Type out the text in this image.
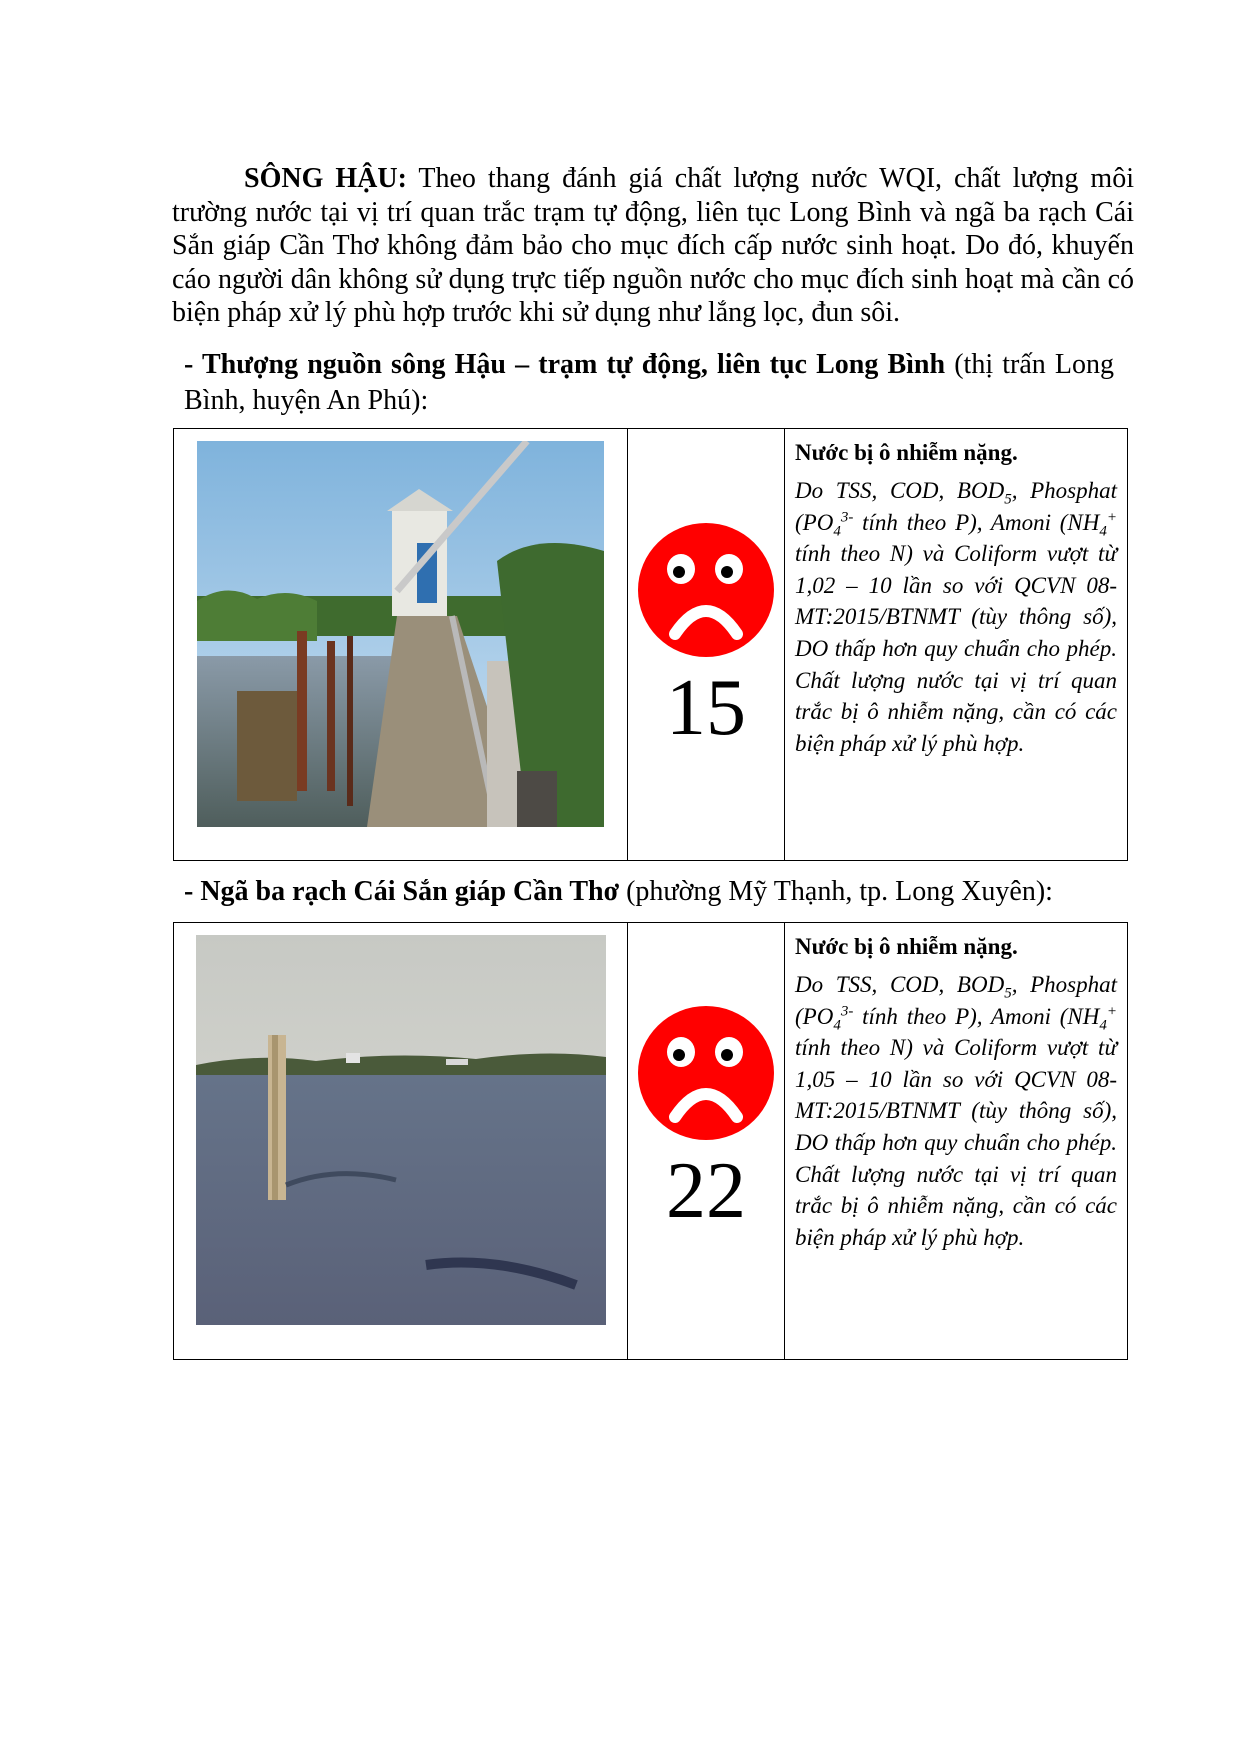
SÔNG HẬU: Theo thang đánh giá chất lượng nước WQI, chất lượng môi trường nước tại vị trí quan trắc trạm tự động, liên tục Long Bình và ngã ba rạch Cái Sắn giáp Cần Thơ không đảm bảo cho mục đích cấp nước sinh hoạt. Do đó, khuyến cáo người dân không sử dụng trực tiếp nguồn nước cho mục đích sinh hoạt mà cần có biện pháp xử lý phù hợp trước khi sử dụng như lắng lọc, đun sôi.

- Thượng nguồn sông Hậu – trạm tự động, liên tục Long Bình (thị trấn Long Bình, huyện An Phú):

15

Nước bị ô nhiễm nặng.

Do TSS, COD, $BOD_5$, Phosphat ($PO_4^{3-}$ tính theo P), Amoni ($NH_4^+$ tính theo N) và Coliform vượt từ 1,02 – 10 lần so với QCVN 08-MT:2015/BTNMT (tùy thông số), DO thấp hơn quy chuẩn cho phép. Chất lượng nước tại vị trí quan trắc bị ô nhiễm nặng, cần có các biện pháp xử lý phù hợp.

- Ngã ba rạch Cái Sắn giáp Cần Thơ (phường Mỹ Thạnh, tp. Long Xuyên):

22

Nước bị ô nhiễm nặng.

Do TSS, COD, $BOD_5$, Phosphat ($PO_4^{3-}$ tính theo P), Amoni ($NH_4^+$ tính theo N) và Coliform vượt từ 1,05 – 10 lần so với QCVN 08-MT:2015/BTNMT (tùy thông số), DO thấp hơn quy chuẩn cho phép. Chất lượng nước tại vị trí quan trắc bị ô nhiễm nặng, cần có các biện pháp xử lý phù hợp.
